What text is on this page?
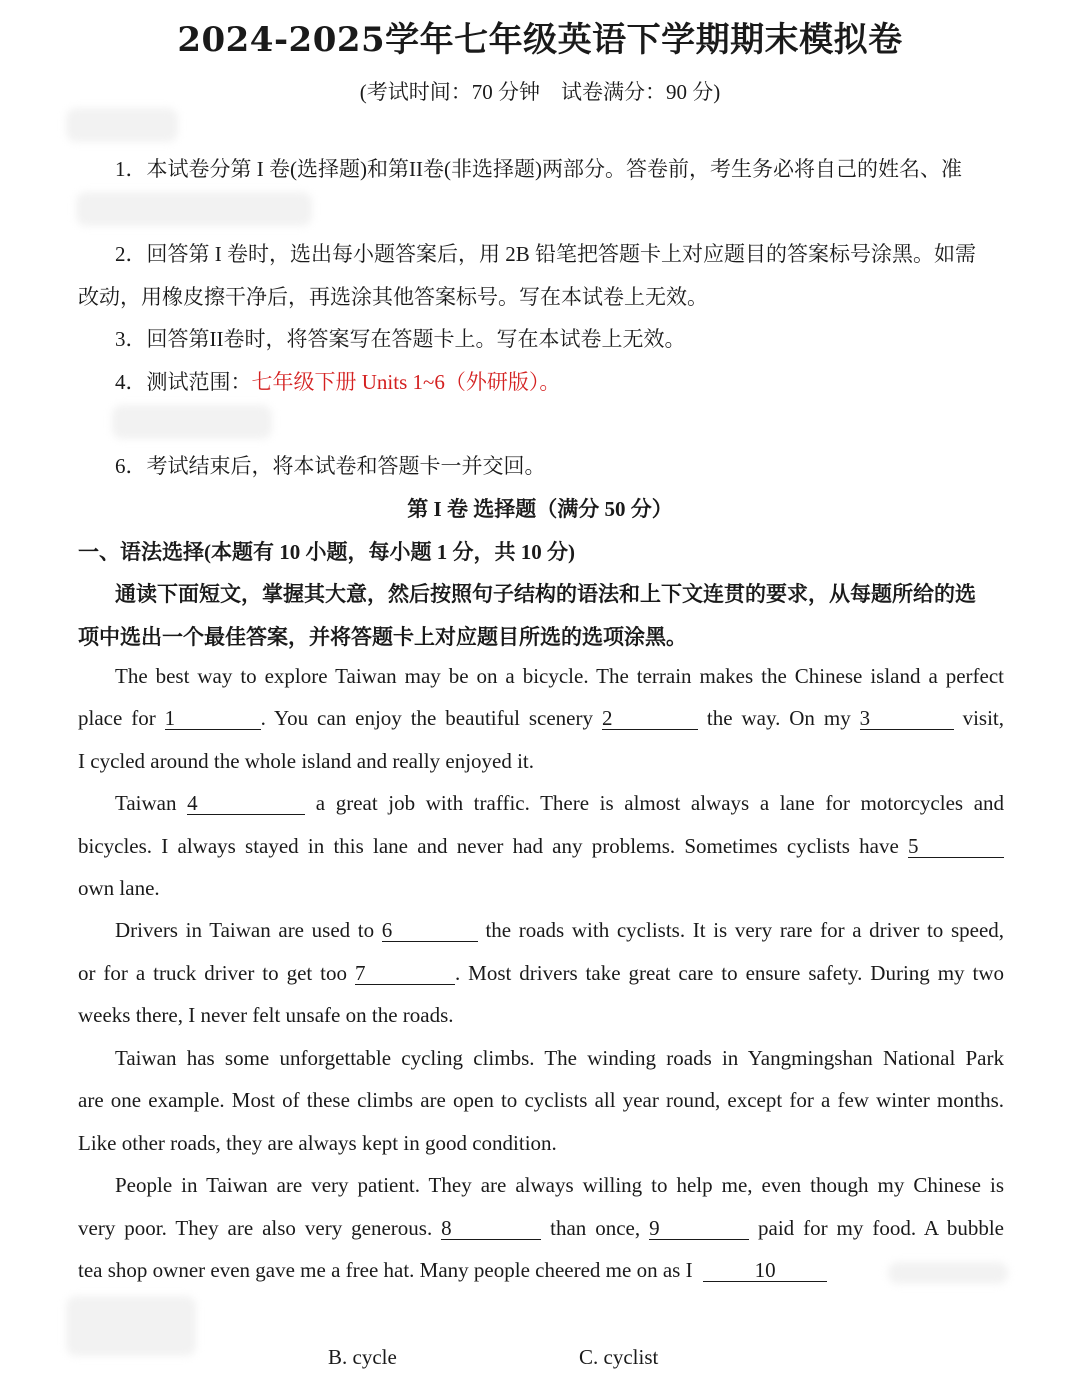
2024-2025学年七年级英语下学期期末模拟卷
(考试时间：70 分钟　试卷满分：90 分)
1．本试卷分第 I 卷(选择题)和第II卷(非选择题)两部分。答卷前，考生务必将自己的姓名、准
2．回答第 I 卷时，选出每小题答案后，用 2B 铅笔把答题卡上对应题目的答案标号涂黑。如需
改动，用橡皮擦干净后，再选涂其他答案标号。写在本试卷上无效。
3．回答第II卷时，将答案写在答题卡上。写在本试卷上无效。
4．测试范围：七年级下册 Units 1~6（外研版）。
6．考试结束后，将本试卷和答题卡一并交回。
第 I 卷 选择题（满分 50 分）
一、语法选择(本题有 10 小题，每小题 1 分，共 10 分)
通读下面短文，掌握其大意，然后按照句子结构的语法和上下文连贯的要求，从每题所给的选
项中选出一个最佳答案，并将答题卡上对应题目所选的选项涂黑。
The best way to explore Taiwan may be on a bicycle. The terrain makes the Chinese island a perfect
place for 1	. You can enjoy the beautiful scenery 2	the way. On my 3	visit,
I cycled around the whole island and really enjoyed it.
Taiwan 4	a great job with traffic. There is almost always a lane for motorcycles and
bicycles. I always stayed in this lane and never had any problems. Sometimes cyclists have 5
own lane.
Drivers in Taiwan are used to 6	the roads with cyclists. It is very rare for a driver to speed,
or for a truck driver to get too 7	. Most drivers take great care to ensure safety. During my two
weeks there, I never felt unsafe on the roads.
Taiwan has some unforgettable cycling climbs. The winding roads in Yangmingshan National Park
are one example. Most of these climbs are open to cyclists all year round, except for a few winter months.
Like other roads, they are always kept in good condition.
People in Taiwan are very patient. They are always willing to help me, even though my Chinese is
very poor. They are also very generous. 8	than once, 9	paid for my food. A bubble
tea shop owner even gave me a free hat. Many people cheered me on as I	10
B. cycle	C. cyclist
